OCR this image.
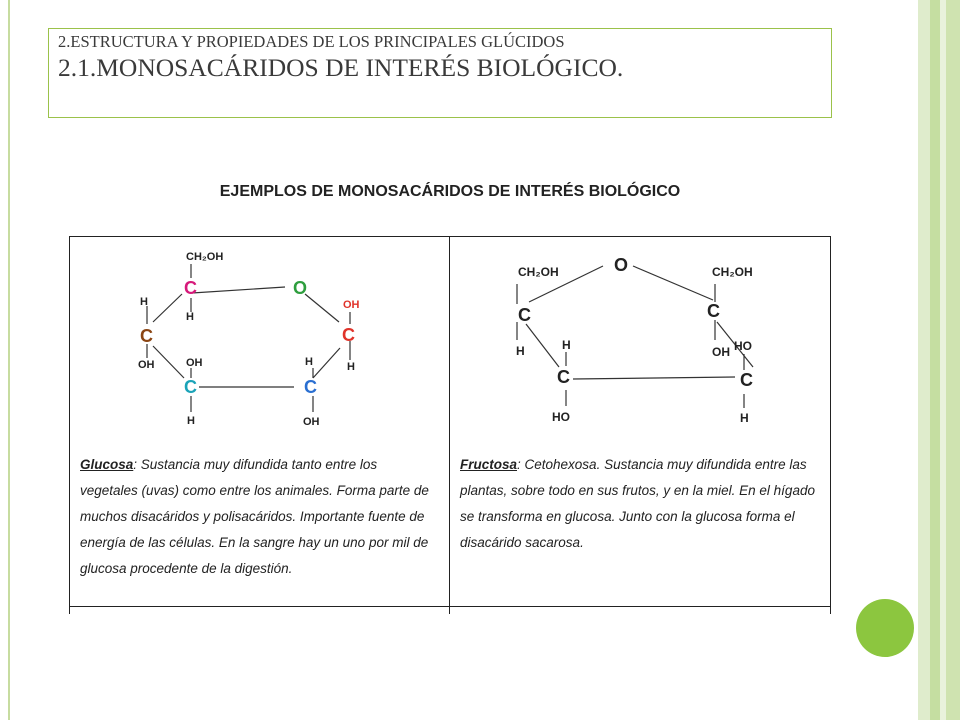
2.ESTRUCTURA Y PROPIEDADES DE LOS PRINCIPALES GLÚCIDOS
2.1.MONOSACÁRIDOS DE INTERÉS BIOLÓGICO.
EJEMPLOS DE MONOSACÁRIDOS DE INTERÉS BIOLÓGICO
CH₂OH
H
H
OH	OH
H
H
OH
H
OH
C
C
O
C
C	C
O
CH₂OH	CH₂OH
C	C
H	OH
H
C
HO
HO
C
H
Glucosa: Sustancia muy difundida tanto entre los vegetales (uvas) como entre los animales. Forma parte de muchos disacáridos y polisacáridos. Importante fuente de energía de las células. En la sangre hay un uno por mil de glucosa procedente de la digestión.
Fructosa: Cetohexosa. Sustancia muy difundida entre las plantas, sobre todo en sus frutos, y en la miel. En el hígado se transforma en glucosa. Junto con la glucosa forma el disacárido sacarosa.
